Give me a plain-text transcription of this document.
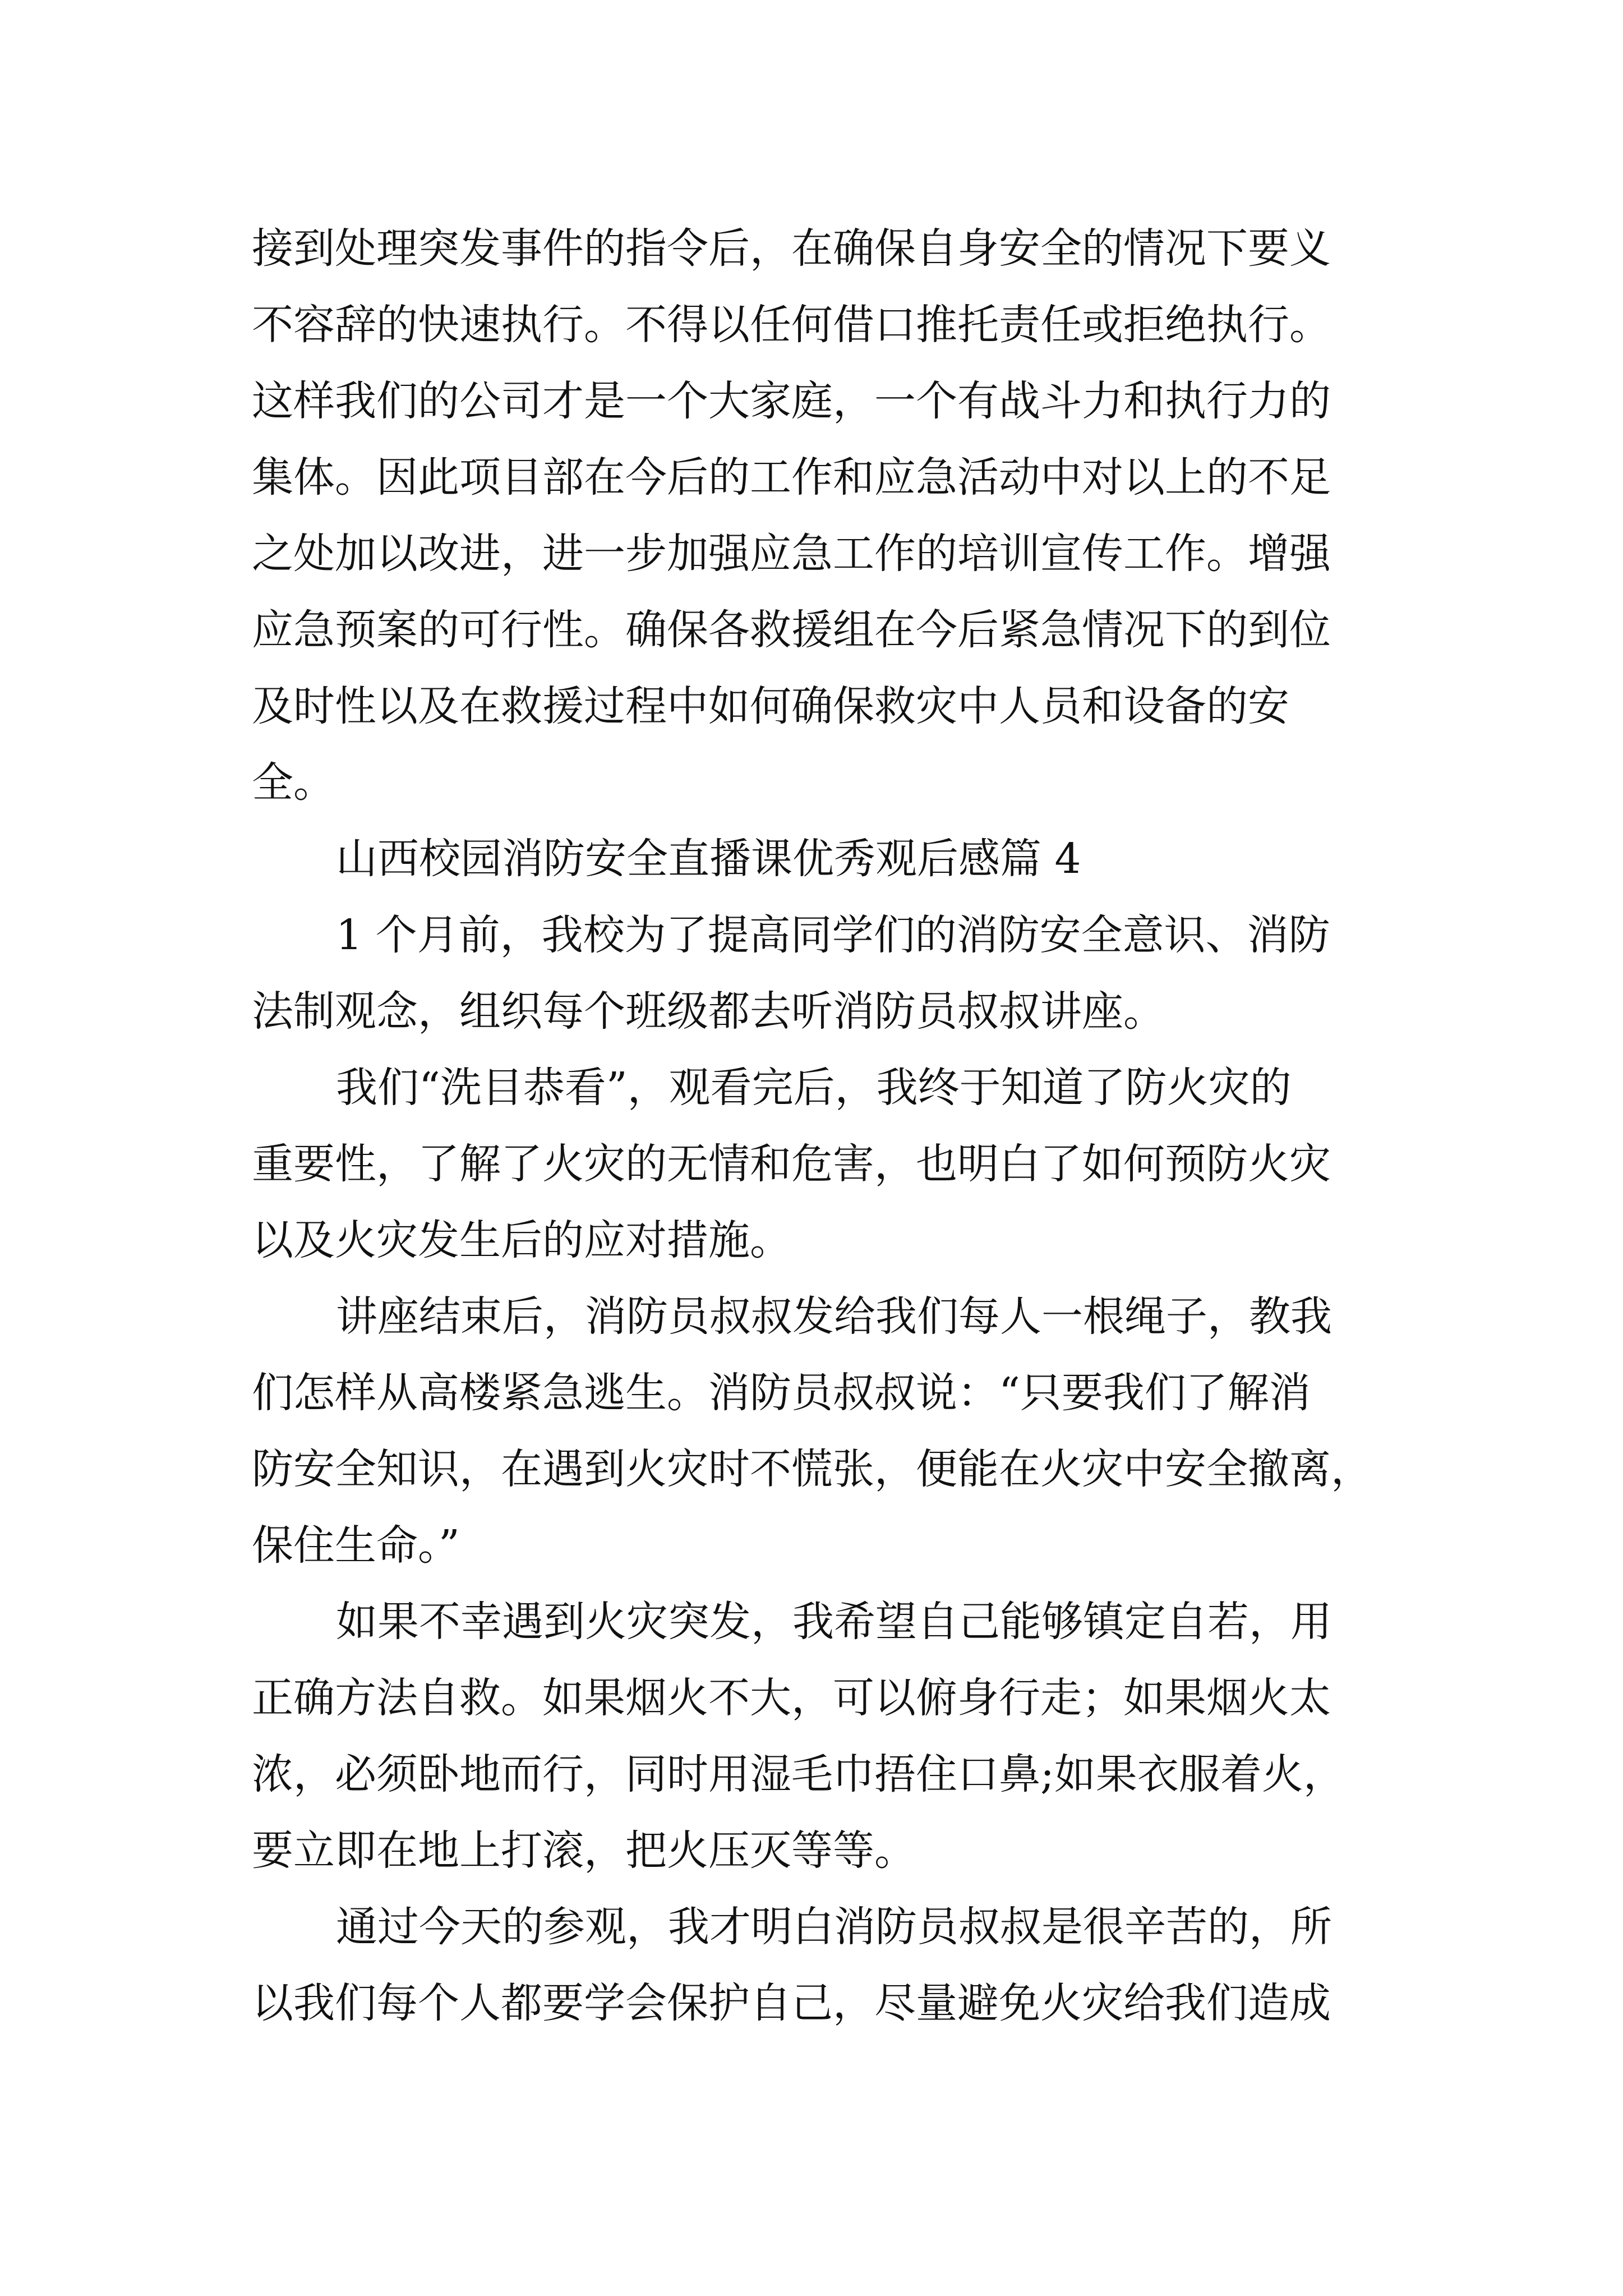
接到处理突发事件的指令后，在确保自身安全的情况下要义
不容辞的快速执行。不得以任何借口推托责任或拒绝执行。
这样我们的公司才是一个大家庭，一个有战斗力和执行力的
集体。因此项目部在今后的工作和应急活动中对以上的不足
之处加以改进，进一步加强应急工作的培训宣传工作。增强
应急预案的可行性。确保各救援组在今后紧急情况下的到位
及时性以及在救援过程中如何确保救灾中人员和设备的安
全。
山西校园消防安全直播课优秀观后感篇 4
1 个月前，我校为了提高同学们的消防安全意识、消防
法制观念，组织每个班级都去听消防员叔叔讲座。
我们“洗目恭看”，观看完后，我终于知道了防火灾的
重要性，了解了火灾的无情和危害，也明白了如何预防火灾
以及火灾发生后的应对措施。
讲座结束后，消防员叔叔发给我们每人一根绳子，教我
们怎样从高楼紧急逃生。消防员叔叔说：“只要我们了解消
防安全知识，在遇到火灾时不慌张，便能在火灾中安全撤离，
保住生命。”
如果不幸遇到火灾突发，我希望自己能够镇定自若，用
正确方法自救。如果烟火不大，可以俯身行走；如果烟火太
浓，必须卧地而行，同时用湿毛巾捂住口鼻;如果衣服着火，
要立即在地上打滚，把火压灭等等。
通过今天的参观，我才明白消防员叔叔是很辛苦的，所
以我们每个人都要学会保护自己，尽量避免火灾给我们造成
